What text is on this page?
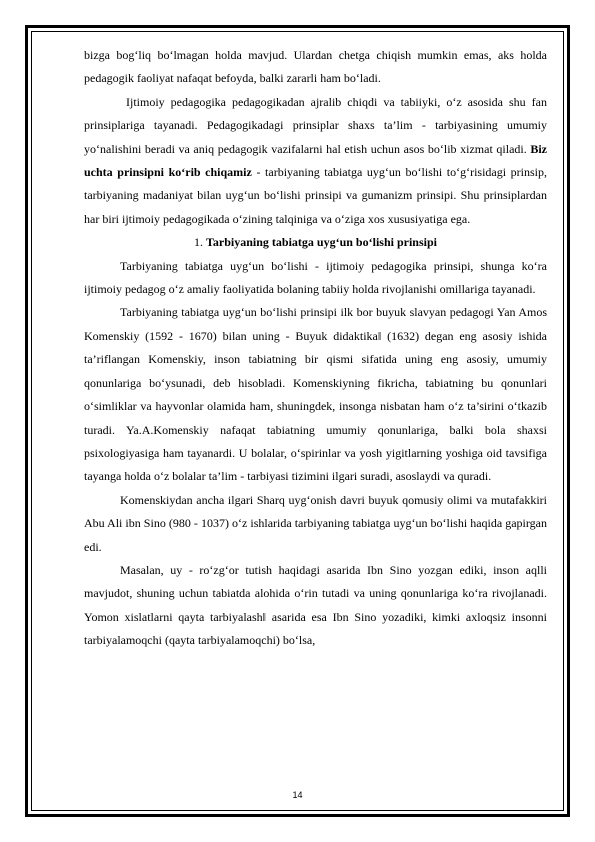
bizga bog‘liq bo‘lmagan holda mavjud. Ulardan chetga chiqish mumkin emas, aks holda pedagogik faoliyat nafaqat befoyda, balki zararli ham bo‘ladi.

Ijtimoiy pedagogika pedagogikadan ajralib chiqdi va tabiiyki, o‘z asosida shu fan prinsiplariga tayanadi. Pedagogikadagi prinsiplar shaxs ta’lim - tarbiyasining umumiy yo‘nalishini beradi va aniq pedagogik vazifalarni hal etish uchun asos bo‘lib xizmat qiladi. Biz uchta prinsipni ko‘rib chiqamiz - tarbiyaning tabiatga uyg‘un bo‘lishi to‘g‘risidagi prinsip, tarbiyaning madaniyat bilan uyg‘un bo‘lishi prinsipi va gumanizm prinsipi. Shu prinsiplardan har biri ijtimoiy pedagogikada o‘zining talqiniga va o‘ziga xos xususiyatiga ega.

1. Tarbiyaning tabiatga uyg‘un bo‘lishi prinsipi

Tarbiyaning tabiatga uyg‘un bo‘lishi - ijtimoiy pedagogika prinsipi, shunga ko‘ra ijtimoiy pedagog o‘z amaliy faoliyatida bolaning tabiiy holda rivojlanishi omillariga tayanadi.

Tarbiyaning tabiatga uyg‘un bo‘lishi prinsipi ilk bor buyuk slavyan pedagogi Yan Amos Komenskiy (1592 - 1670) bilan uning - Buyuk didaktika‖ (1632) degan eng asosiy ishida ta’riflangan Komenskiy, inson tabiatning bir qismi sifatida uning eng asosiy, umumiy qonunlariga bo‘ysunadi, deb hisobladi. Komenskiyning fikricha, tabiatning bu qonunlari o‘simliklar va hayvonlar olamida ham, shuningdek, insonga nisbatan ham o‘z ta’sirini o‘tkazib turadi. Ya.A.Komenskiy nafaqat tabiatning umumiy qonunlariga, balki bola shaxsi psixologiyasiga ham tayanardi. U bolalar, o‘spirinlar va yosh yigitlarning yoshiga oid tavsifiga tayanga holda o‘z bolalar ta’lim - tarbiyasi tizimini ilgari suradi, asoslaydi va quradi.

Komenskiydan ancha ilgari Sharq uyg‘onish davri buyuk qomusiy olimi va mutafakkiri Abu Ali ibn Sino (980 - 1037) o‘z ishlarida tarbiyaning tabiatga uyg‘un bo‘lishi haqida gapirgan edi.

Masalan, uy - ro‘zg‘or tutish haqidagi asarida Ibn Sino yozgan ediki, inson aqlli mavjudot, shuning uchun tabiatda alohida o‘rin tutadi va uning qonunlariga ko‘ra rivojlanadi. Yomon xislatlarni qayta tarbiyalash‖ asarida esa Ibn Sino yozadiki, kimki axloqsiz insonni tarbiyalamoqchi (qayta tarbiyalamoqchi) bo‘lsa,

14
